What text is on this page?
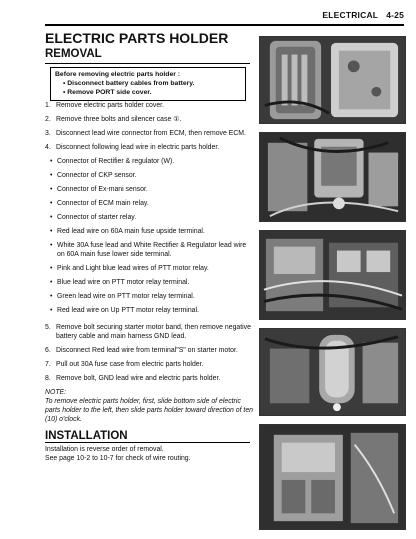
ELECTRICAL 4-25
ELECTRIC PARTS HOLDER
REMOVAL
Before removing electric parts holder :
• Disconnect battery cables from battery.
• Remove PORT side cover.
1. Remove electric parts holder cover.
2. Remove three bolts and silencer case ①.
3. Disconnect lead wire connector from ECM, then remove ECM.
4. Disconnect following lead wire in electric parts holder.
• Connector of Rectifier & regulator (W).
• Connector of CKP sensor.
• Connector of Ex-mani sensor.
• Connector of ECM main relay.
• Connector of starter relay.
• Red lead wire on 60A main fuse upside terminal.
• White 30A fuse lead and White Rectifier & Regulator lead wire on 60A main fuse lower side terminal.
• Pink and Light blue lead wires of PTT motor relay.
• Blue lead wire on PTT motor relay terminal.
• Green lead wire on PTT motor relay terminal.
• Red lead wire on Up PTT motor relay terminal.
5. Remove bolt securing starter motor band, then remove negative battery cable and main harness GND lead.
6. Disconnect Red lead wire from terminal"S" on starter motor.
7. Pull out 30A fuse case from electric parts holder.
8. Remove bolt, GND lead wire and electric parts holder.
NOTE:
To remove electric parts holder, first, slide bottom side of electric parts holder to the left, then slide parts holder toward direction of ten (10) o'clock.
INSTALLATION
Installation is reverse order of removal.
See page 10-2 to 10-7 for check of wire routing.
